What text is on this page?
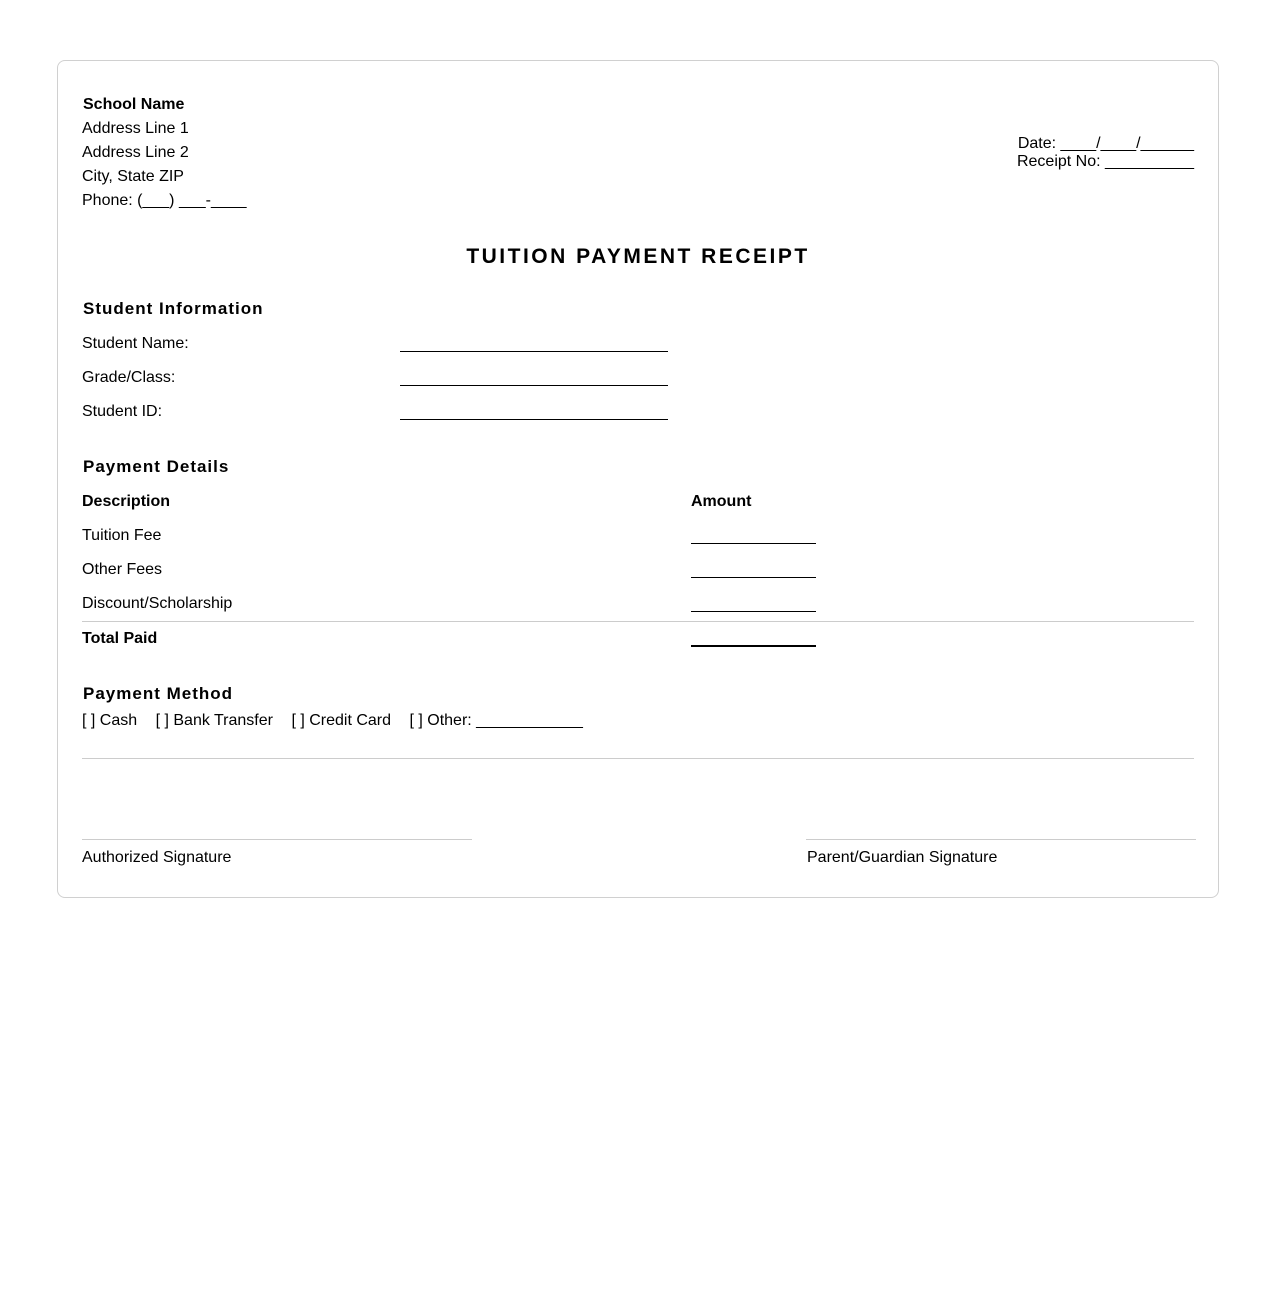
School Name
Address Line 1
Address Line 2
City, State ZIP
Phone: (___) ___-____
Date: ____/____/______
Receipt No: __________
TUITION PAYMENT RECEIPT
Student Information
Student Name:
Grade/Class:
Student ID:
Payment Details
Description	Amount
Tuition Fee
Other Fees
Discount/Scholarship
Total Paid
Payment Method
[ ] Cash [ ] Bank Transfer [ ] Credit Card [ ] Other: ____________
Authorized Signature	Parent/Guardian Signature
